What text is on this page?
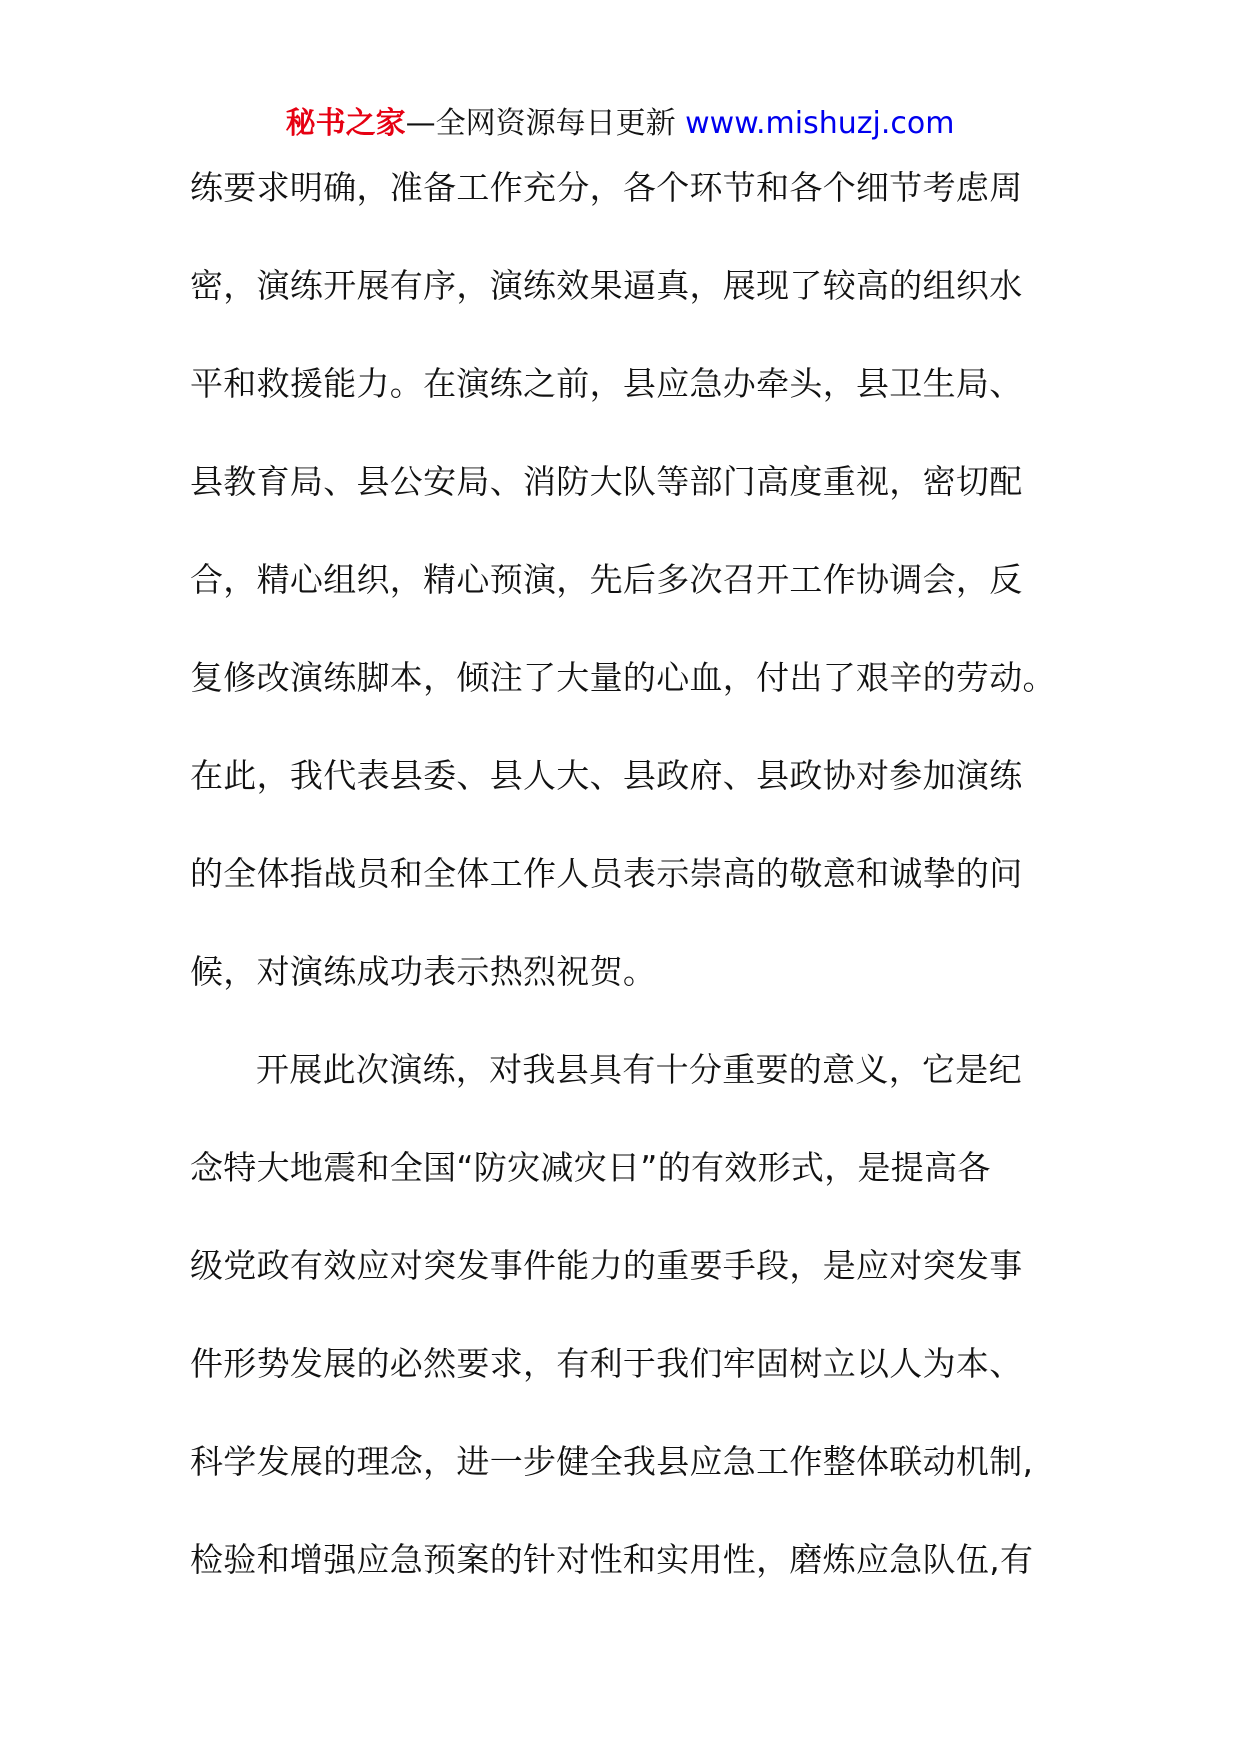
秘书之家—全网资源每日更新 www.mishuzj.com
练要求明确，准备工作充分，各个环节和各个细节考虑周
密，演练开展有序，演练效果逼真，展现了较高的组织水
平和救援能力。在演练之前，县应急办牵头，县卫生局、
县教育局、县公安局、消防大队等部门高度重视，密切配
合，精心组织，精心预演，先后多次召开工作协调会，反
复修改演练脚本，倾注了大量的心血，付出了艰辛的劳动。
在此，我代表县委、县人大、县政府、县政协对参加演练
的全体指战员和全体工作人员表示崇高的敬意和诚挚的问
候，对演练成功表示热烈祝贺。
开展此次演练，对我县具有十分重要的意义，它是纪
念特大地震和全国“防灾减灾日”的有效形式，是提高各
级党政有效应对突发事件能力的重要手段，是应对突发事
件形势发展的必然要求，有利于我们牢固树立以人为本、
科学发展的理念，进一步健全我县应急工作整体联动机制,
检验和增强应急预案的针对性和实用性，磨炼应急队伍,有
